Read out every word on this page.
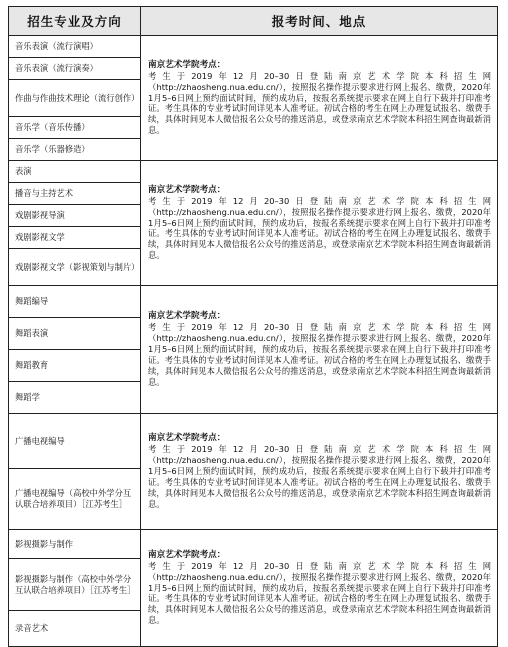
招生专业及方向	报考时间、地点
音乐表演（流行演唱）	南京艺术学院考点：
考生于2019年12月20–30日登陆南京艺术学院本科招生网（http://zhaosheng.nua.edu.cn/），按照报名操作提示要求进行网上报名、缴费，2020年1月5–6日网上预约面试时间，预约成功后，按报名系统提示要求在网上自行下载并打印准考证。考生具体的专业考试时间详见本人准考证。初试合格的考生在网上办理复试报名、缴费手续，具体时间见本人微信报名公众号的推送消息，或登录南京艺术学院本科招生网查询最新消息。

音乐表演（流行演奏）	
作曲与作曲技术理论（流行创作）	
音乐学（音乐传播）	
音乐学（乐器修造）	
表演	南京艺术学院考点：
考生于2019年12月20–30日登陆南京艺术学院本科招生网（http://zhaosheng.nua.edu.cn/），按照报名操作提示要求进行网上报名、缴费，2020年1月5–6日网上预约面试时间，预约成功后，按报名系统提示要求在网上自行下载并打印准考证。考生具体的专业考试时间详见本人准考证。初试合格的考生在网上办理复试报名、缴费手续，具体时间见本人微信报名公众号的推送消息，或登录南京艺术学院本科招生网查询最新消息。

播音与主持艺术	
戏剧影视导演	
戏剧影视文学	
戏剧影视文学（影视策划与制片）	
舞蹈编导	南京艺术学院考点：
考生于2019年12月20–30日登陆南京艺术学院本科招生网（http://zhaosheng.nua.edu.cn/），按照报名操作提示要求进行网上报名、缴费，2020年1月5–6日网上预约面试时间，预约成功后，按报名系统提示要求在网上自行下载并打印准考证。考生具体的专业考试时间详见本人准考证。初试合格的考生在网上办理复试报名、缴费手续，具体时间见本人微信报名公众号的推送消息，或登录南京艺术学院本科招生网查询最新消息。

舞蹈表演	
舞蹈教育	
舞蹈学	
广播电视编导	南京艺术学院考点：
考生于2019年12月20–30日登陆南京艺术学院本科招生网（http://zhaosheng.nua.edu.cn/），按照报名操作提示要求进行网上报名、缴费，2020年1月5–6日网上预约面试时间，预约成功后，按报名系统提示要求在网上自行下载并打印准考证。考生具体的专业考试时间详见本人准考证。初试合格的考生在网上办理复试报名、缴费手续，具体时间见本人微信报名公众号的推送消息，或登录南京艺术学院本科招生网查询最新消息。

广播电视编导（高校中外学分互认联合培养项目）［江苏考生］	
影视摄影与制作	南京艺术学院考点：
考生于2019年12月20–30日登陆南京艺术学院本科招生网（http://zhaosheng.nua.edu.cn/），按照报名操作提示要求进行网上报名、缴费，2020年1月5–6日网上预约面试时间，预约成功后，按报名系统提示要求在网上自行下载并打印准考证。考生具体的专业考试时间详见本人准考证。初试合格的考生在网上办理复试报名、缴费手续，具体时间见本人微信报名公众号的推送消息，或登录南京艺术学院本科招生网查询最新消息。

影视摄影与制作（高校中外学分互认联合培养项目）［江苏考生］	
录音艺术	
